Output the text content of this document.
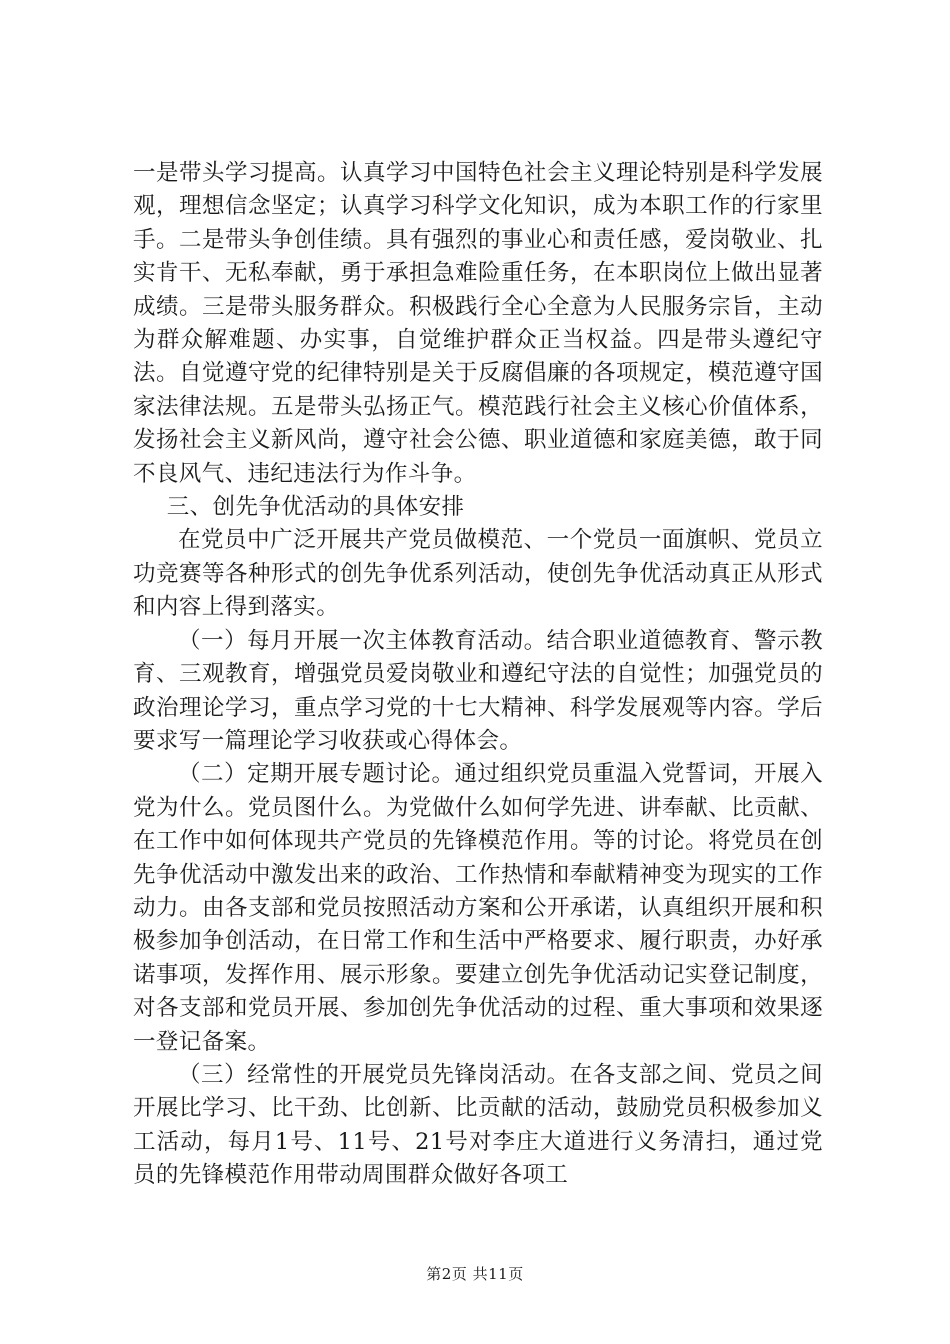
一是带头学习提高。认真学习中国特色社会主义理论特别是科学发展观，理想信念坚定；认真学习科学文化知识，成为本职工作的行家里手。二是带头争创佳绩。具有强烈的事业心和责任感，爱岗敬业、扎实肯干、无私奉献，勇于承担急难险重任务，在本职岗位上做出显著成绩。三是带头服务群众。积极践行全心全意为人民服务宗旨，主动为群众解难题、办实事，自觉维护群众正当权益。四是带头遵纪守法。自觉遵守党的纪律特别是关于反腐倡廉的各项规定，模范遵守国家法律法规。五是带头弘扬正气。模范践行社会主义核心价值体系，发扬社会主义新风尚，遵守社会公德、职业道德和家庭美德，敢于同不良风气、违纪违法行为作斗争。

三、创先争优活动的具体安排

在党员中广泛开展共产党员做模范、一个党员一面旗帜、党员立功竞赛等各种形式的创先争优系列活动，使创先争优活动真正从形式和内容上得到落实。

（一）每月开展一次主体教育活动。结合职业道德教育、警示教育、三观教育，增强党员爱岗敬业和遵纪守法的自觉性；加强党员的政治理论学习，重点学习党的十七大精神、科学发展观等内容。学后要求写一篇理论学习收获或心得体会。

（二）定期开展专题讨论。通过组织党员重温入党誓词，开展入党为什么。党员图什么。为党做什么如何学先进、讲奉献、比贡献、在工作中如何体现共产党员的先锋模范作用。等的讨论。将党员在创先争优活动中激发出来的政治、工作热情和奉献精神变为现实的工作动力。由各支部和党员按照活动方案和公开承诺，认真组织开展和积极参加争创活动，在日常工作和生活中严格要求、履行职责，办好承诺事项，发挥作用、展示形象。要建立创先争优活动记实登记制度，对各支部和党员开展、参加创先争优活动的过程、重大事项和效果逐一登记备案。

（三）经常性的开展党员先锋岗活动。在各支部之间、党员之间开展比学习、比干劲、比创新、比贡献的活动，鼓励党员积极参加义工活动，每月1号、11号、21号对李庄大道进行义务清扫，通过党员的先锋模范作用带动周围群众做好各项工

第2页 共11页
